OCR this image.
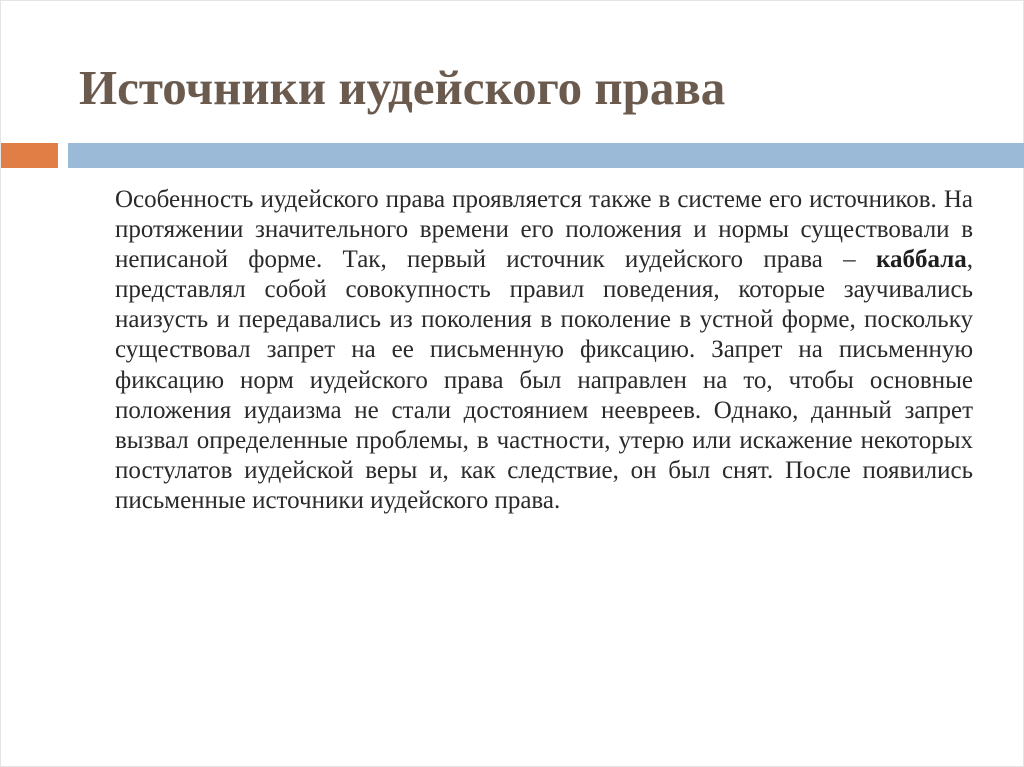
Источники иудейского права

Особенность иудейского права проявляется также в системе его источников. На протяжении значительного времени его положения и нормы существовали в неписаной форме. Так, первый источник иудейского права – каббала, представлял собой совокупность правил поведения, которые заучивались наизусть и передавались из поколения в поколение в устной форме, поскольку существовал запрет на ее письменную фиксацию. Запрет на письменную фиксацию норм иудейского права был направлен на то, чтобы основные положения иудаизма не стали достоянием неевреев. Однако, данный запрет вызвал определенные проблемы, в частности, утерю или искажение некоторых постулатов иудейской веры и, как следствие, он был снят. После появились письменные источники иудейского права.
